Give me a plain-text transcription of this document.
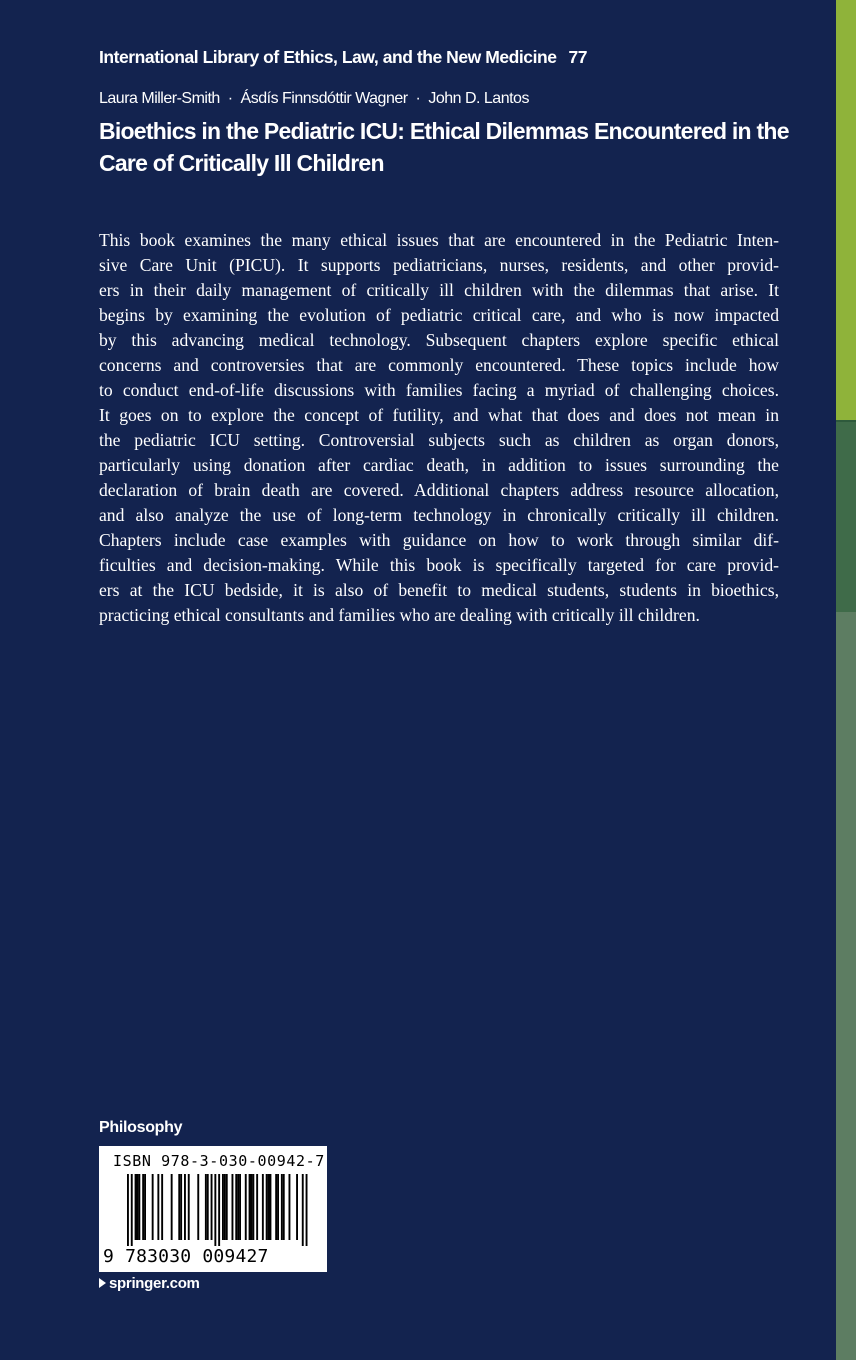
International Library of Ethics, Law, and the New Medicine 77
Laura Miller-Smith · Ásdís Finnsdóttir Wagner · John D. Lantos
Bioethics in the Pediatric ICU: Ethical Dilemmas Encountered in the
Care of Critically Ill Children
This book examines the many ethical issues that are encountered in the Pediatric Inten-
sive Care Unit (PICU). It supports pediatricians, nurses, residents, and other provid-
ers in their daily management of critically ill children with the dilemmas that arise. It
begins by examining the evolution of pediatric critical care, and who is now impacted
by this advancing medical technology. Subsequent chapters explore specific ethical
concerns and controversies that are commonly encountered. These topics include how
to conduct end-of-life discussions with families facing a myriad of challenging choices.
It goes on to explore the concept of futility, and what that does and does not mean in
the pediatric ICU setting. Controversial subjects such as children as organ donors,
particularly using donation after cardiac death, in addition to issues surrounding the
declaration of brain death are covered. Additional chapters address resource allocation,
and also analyze the use of long-term technology in chronically critically ill children.
Chapters include case examples with guidance on how to work through similar dif-
ficulties and decision-making. While this book is specifically targeted for care provid-
ers at the ICU bedside, it is also of benefit to medical students, students in bioethics,
practicing ethical consultants and families who are dealing with critically ill children.
Philosophy
ISBN 978-3-030-00942-7
9 783030 009427
springer.com
